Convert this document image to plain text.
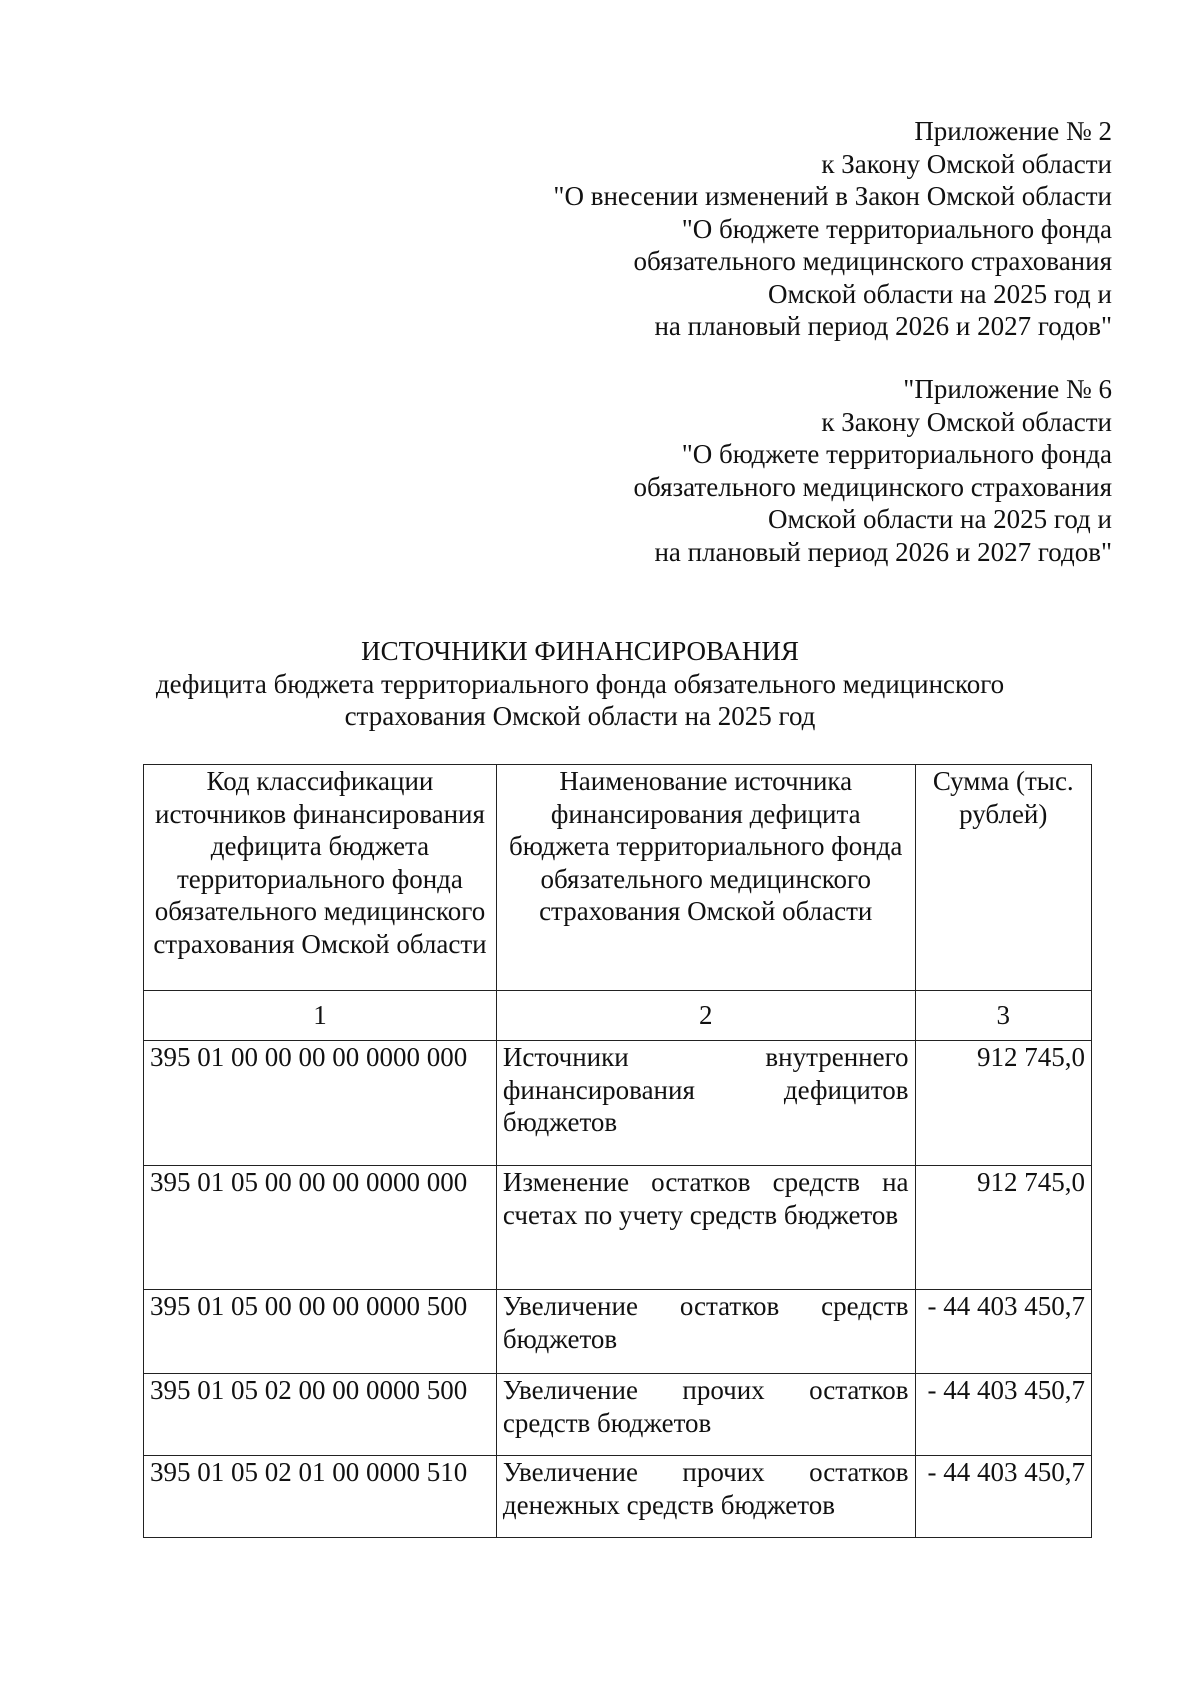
Приложение № 2
к Закону Омской области
"О внесении изменений в Закон Омской области
"О бюджете территориального фонда
обязательного медицинского страхования
Омской области на 2025 год и
на плановый период 2026 и 2027 годов"
"Приложение № 6
к Закону Омской области
"О бюджете территориального фонда
обязательного медицинского страхования
Омской области на 2025 год и
на плановый период 2026 и 2027 годов"
ИСТОЧНИКИ ФИНАНСИРОВАНИЯ
дефицита бюджета территориального фонда обязательного медицинского
страхования Омской области на 2025 год
Код классификации источников финансирования дефицита бюджета территориального фонда обязательного медицинского страхования Омской области	Наименование источника финансирования дефицита бюджета территориального фонда обязательного медицинского страхования Омской области	Сумма (тыс. рублей)
1	2	3
395 01 00 00 00 00 0000 000	Источники внутреннего финансирования дефицитов бюджетов	912 745,0
395 01 05 00 00 00 0000 000	Изменение остатков средств на счетах по учету средств бюджетов	912 745,0
395 01 05 00 00 00 0000 500	Увеличение остатков средств бюджетов	- 44 403 450,7
395 01 05 02 00 00 0000 500	Увеличение прочих остатков средств бюджетов	- 44 403 450,7
395 01 05 02 01 00 0000 510	Увеличение прочих остатков денежных средств бюджетов	- 44 403 450,7
